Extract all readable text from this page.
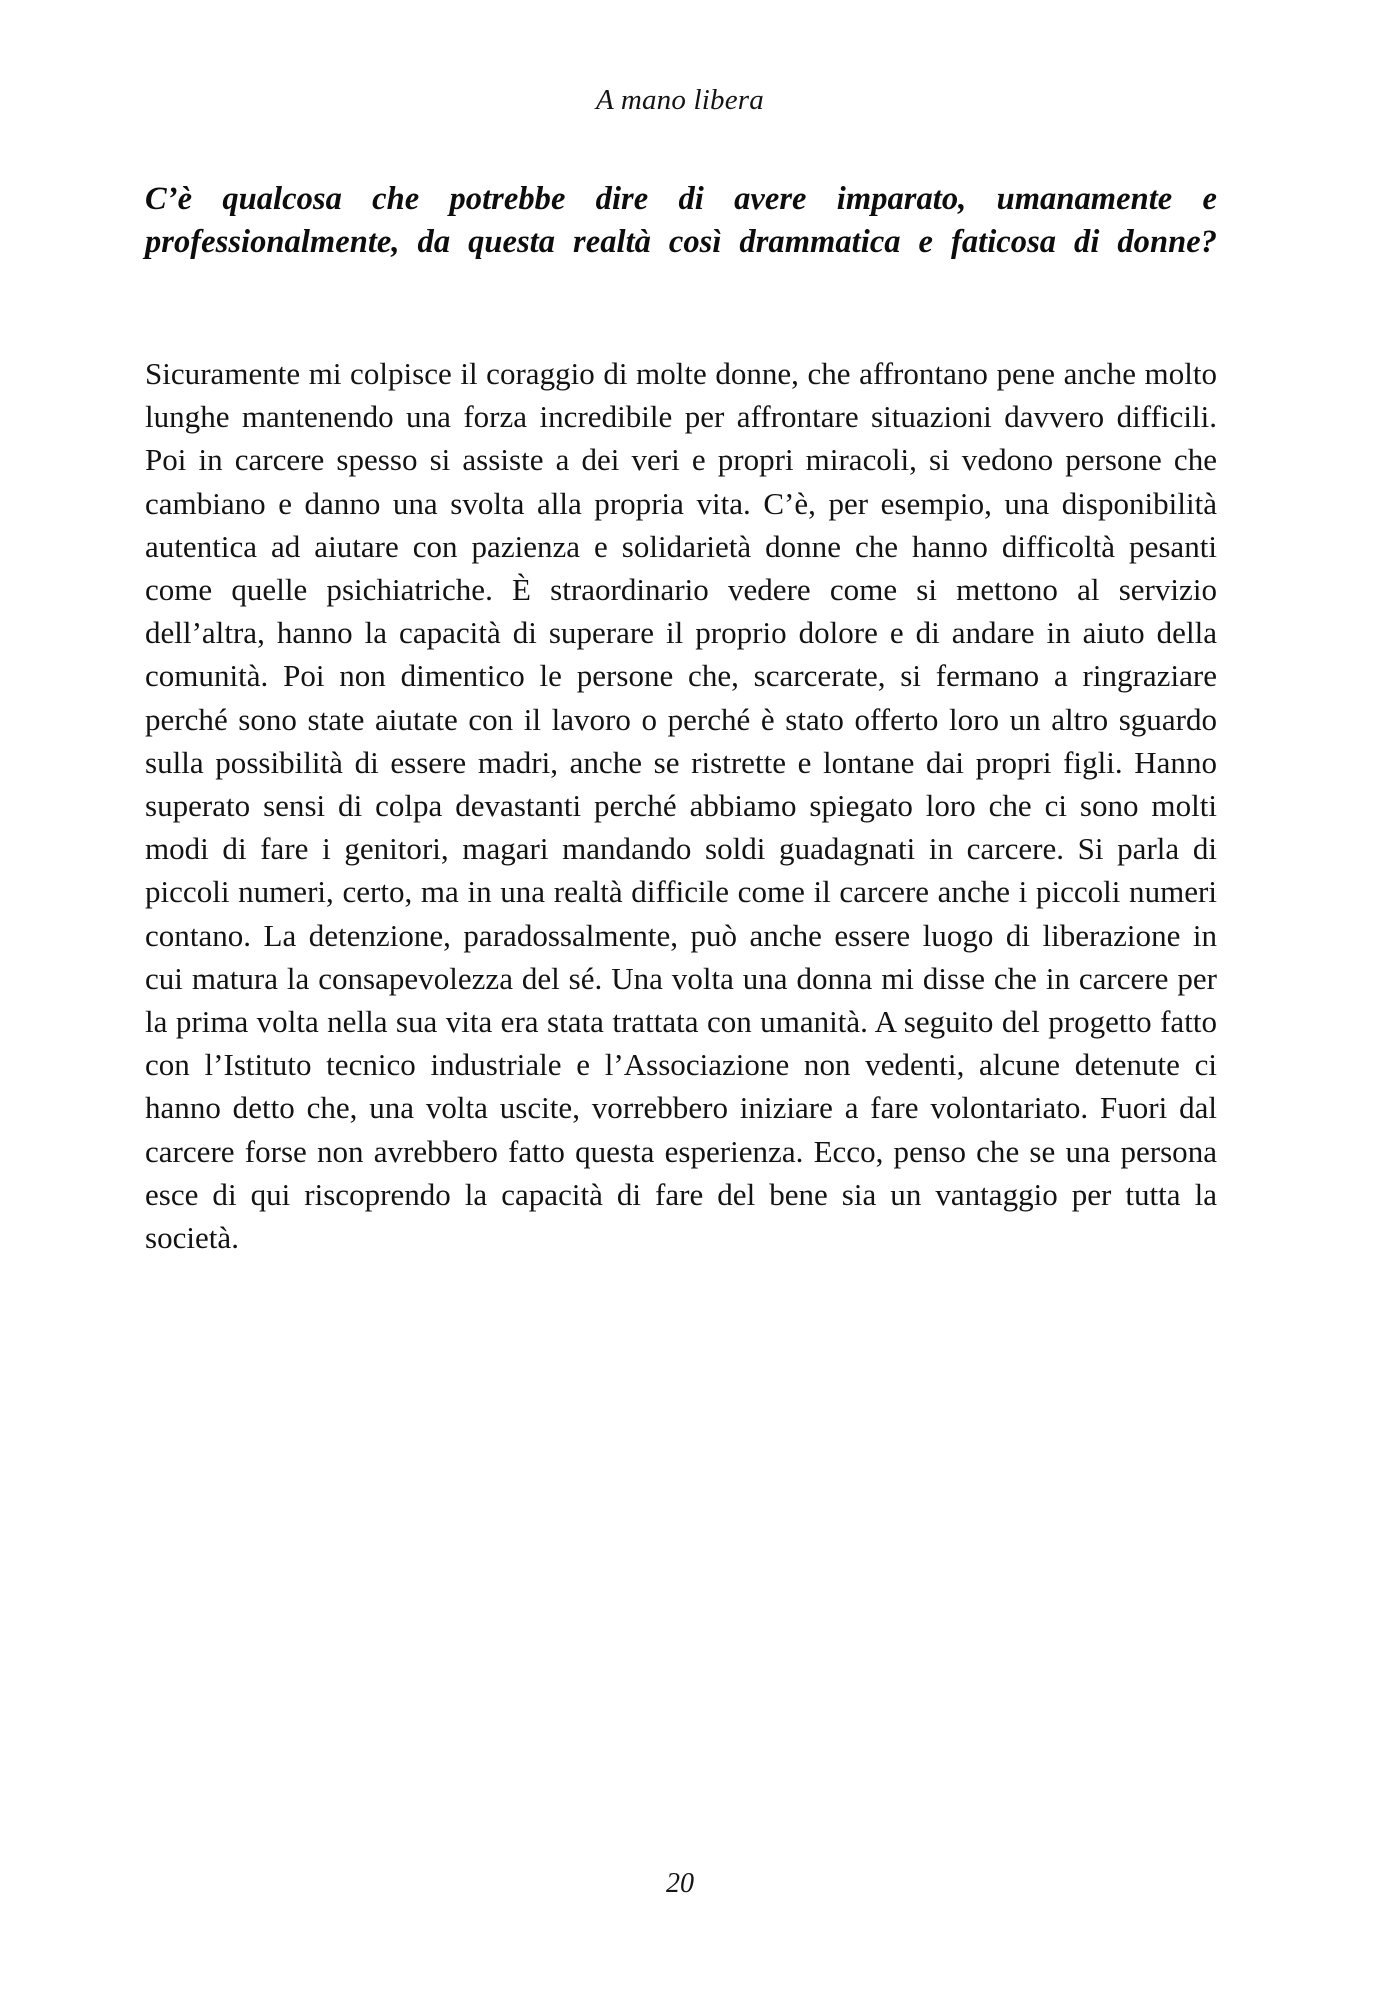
A mano libera
C’è qualcosa che potrebbe dire di avere imparato, umanamente e professionalmente, da questa realtà così drammatica e faticosa di donne?
Sicuramente mi colpisce il coraggio di molte donne, che affrontano pene anche molto lunghe mantenendo una forza incredibile per affrontare situazioni davvero difficili. Poi in carcere spesso si assiste a dei veri e propri miracoli, si vedono persone che cambiano e danno una svolta alla propria vita. C’è, per esempio, una disponibilità autentica ad aiutare con pazienza e solidarietà donne che hanno difficoltà pesanti come quelle psichiatriche. È straordinario vedere come si mettono al servizio dell’altra, hanno la capacità di superare il proprio dolore e di andare in aiuto della comunità. Poi non dimentico le persone che, scarcerate, si fermano a ringraziare perché sono state aiutate con il lavoro o perché è stato offerto loro un altro sguardo sulla possibilità di essere madri, anche se ristrette e lontane dai propri figli. Hanno superato sensi di colpa devastanti perché abbiamo spiegato loro che ci sono molti modi di fare i genitori, magari mandando soldi guadagnati in carcere. Si parla di piccoli numeri, certo, ma in una realtà difficile come il carcere anche i piccoli numeri contano. La detenzione, paradossalmente, può anche essere luogo di liberazione in cui matura la consapevolezza del sé. Una volta una donna mi disse che in carcere per la prima volta nella sua vita era stata trattata con umanità. A seguito del progetto fatto con l’Istituto tecnico industriale e l’Associazione non vedenti, alcune detenute ci hanno detto che, una volta uscite, vorrebbero iniziare a fare volontariato. Fuori dal carcere forse non avrebbero fatto questa esperienza. Ecco, penso che se una persona esce di qui riscoprendo la capacità di fare del bene sia un vantaggio per tutta la società.
20
